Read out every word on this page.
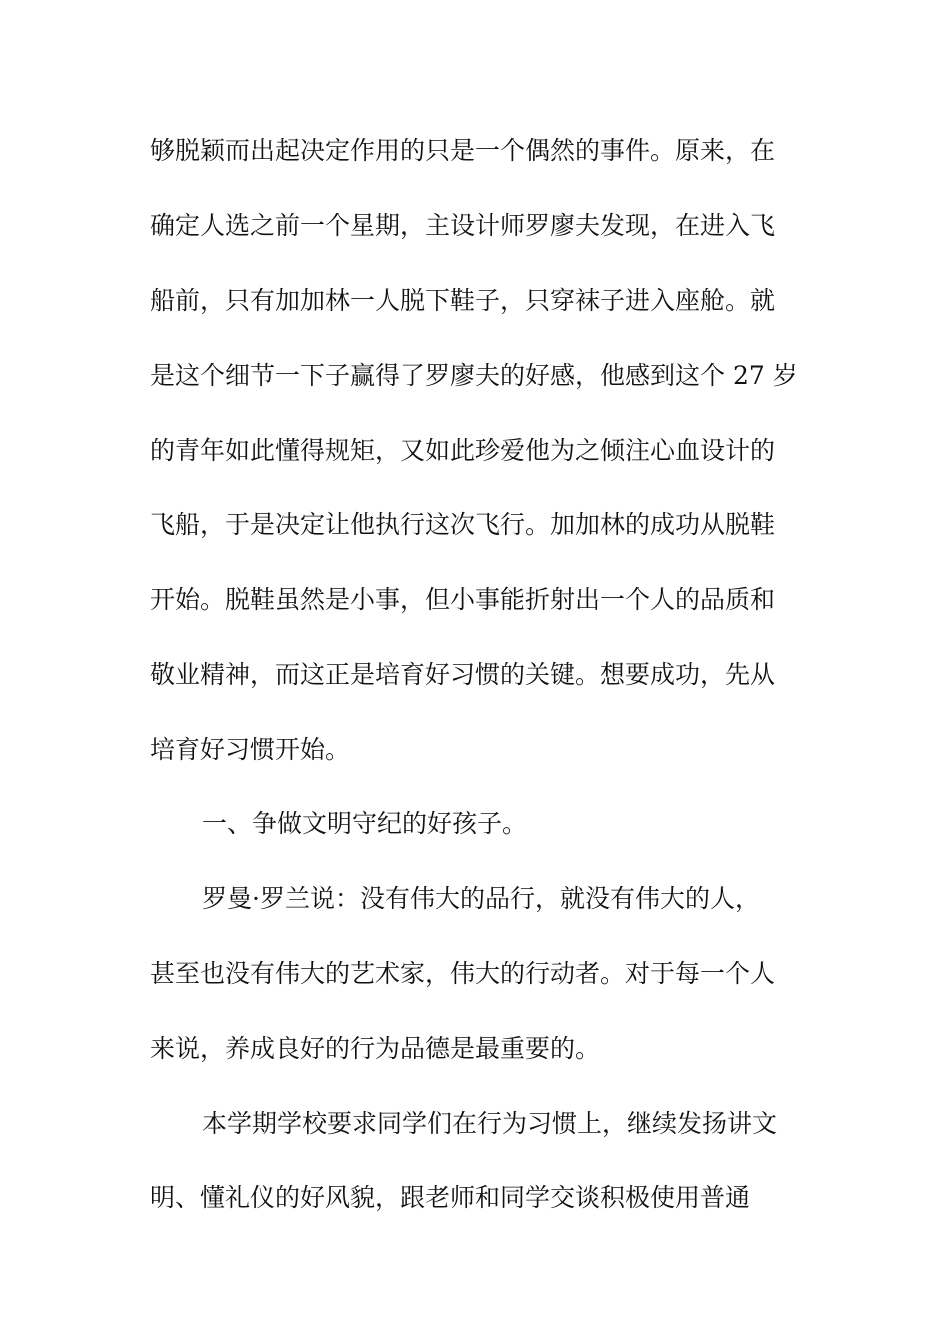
够脱颖而出起决定作用的只是一个偶然的事件。原来，在
确定人选之前一个星期，主设计师罗廖夫发现，在进入飞
船前，只有加加林一人脱下鞋子，只穿袜子进入座舱。就
是这个细节一下子赢得了罗廖夫的好感，他感到这个 27 岁
的青年如此懂得规矩，又如此珍爱他为之倾注心血设计的
飞船，于是决定让他执行这次飞行。加加林的成功从脱鞋
开始。脱鞋虽然是小事，但小事能折射出一个人的品质和
敬业精神，而这正是培育好习惯的关键。想要成功，先从
培育好习惯开始。
一、争做文明守纪的好孩子。
罗曼·罗兰说：没有伟大的品行，就没有伟大的人，
甚至也没有伟大的艺术家，伟大的行动者。对于每一个人
来说，养成良好的行为品德是最重要的。
本学期学校要求同学们在行为习惯上，继续发扬讲文
明、懂礼仪的好风貌，跟老师和同学交谈积极使用普通
